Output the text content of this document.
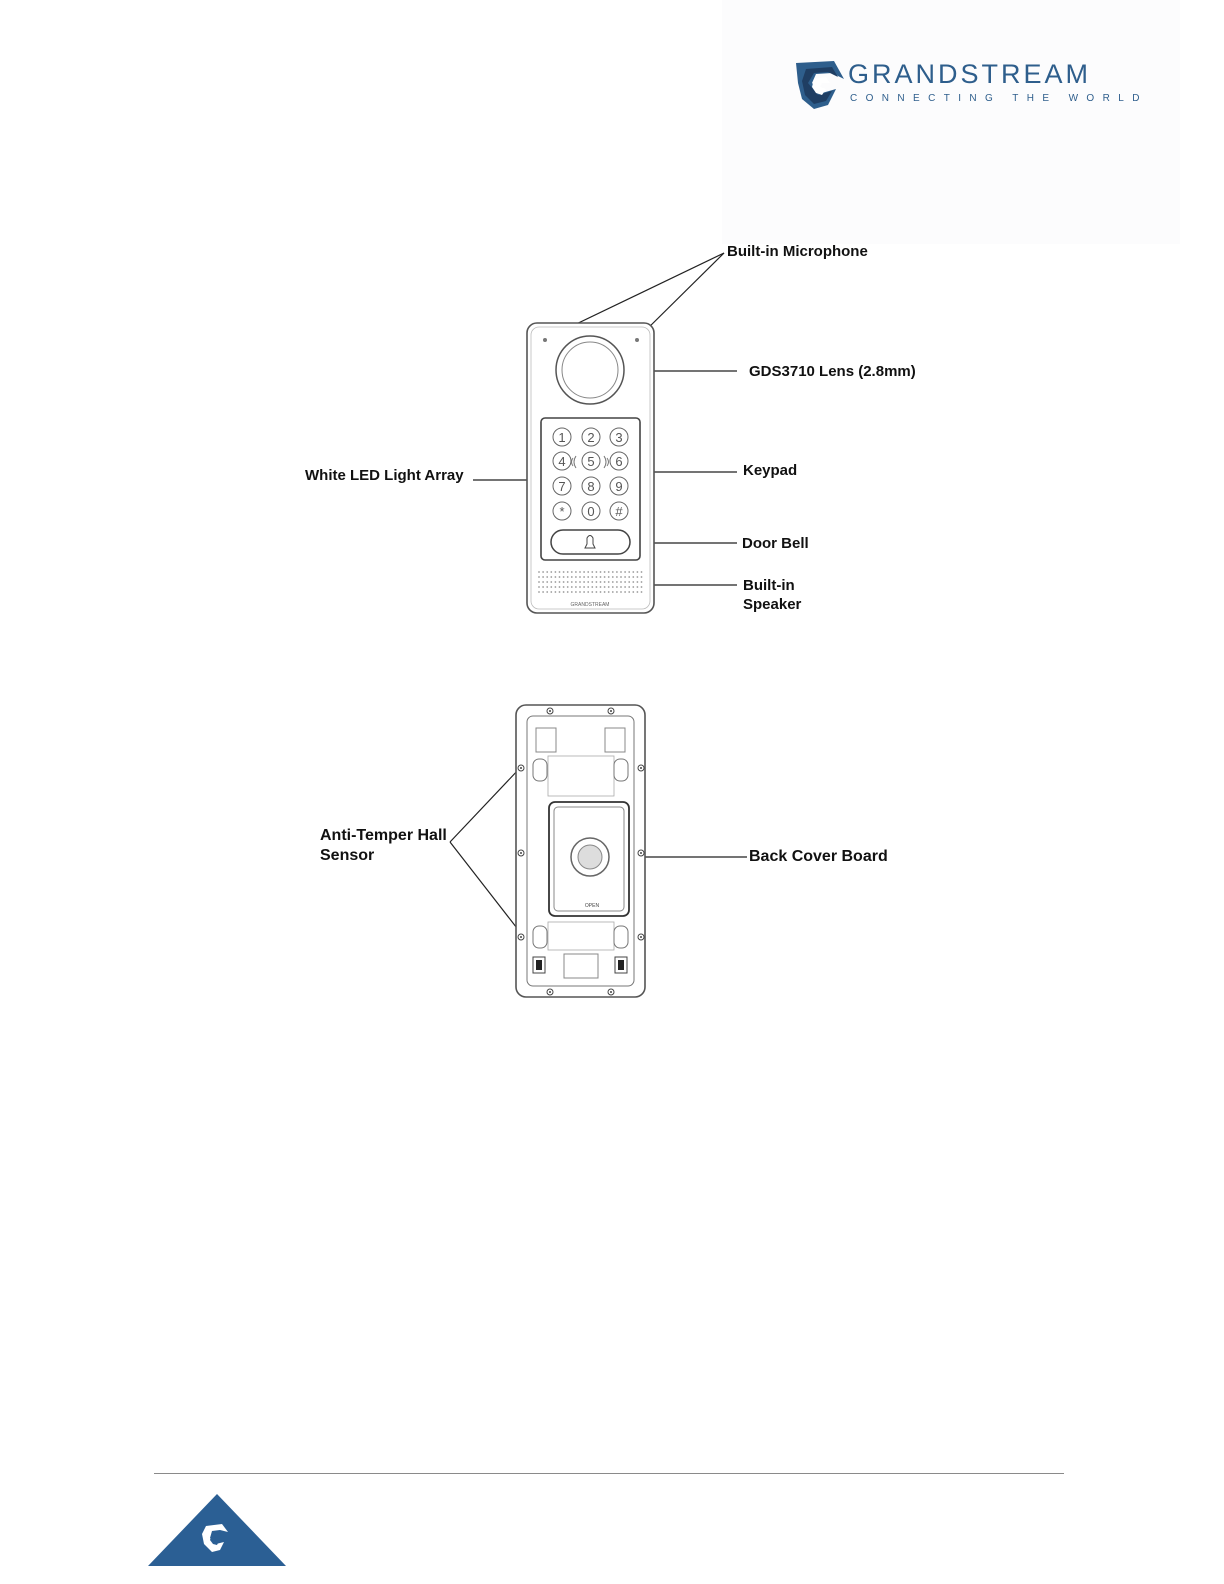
GRANDSTREAM
CONNECTING THE WORLD
1 2 3
4 5 6
7 8 9
* 0 #
GRANDSTREAM
Built-in Microphone
GDS3710 Lens (2.8mm)
White LED Light Array	Keypad
Door Bell
Built-in
Speaker
OPEN
Anti-Temper Hall
Sensor	Back Cover Board
